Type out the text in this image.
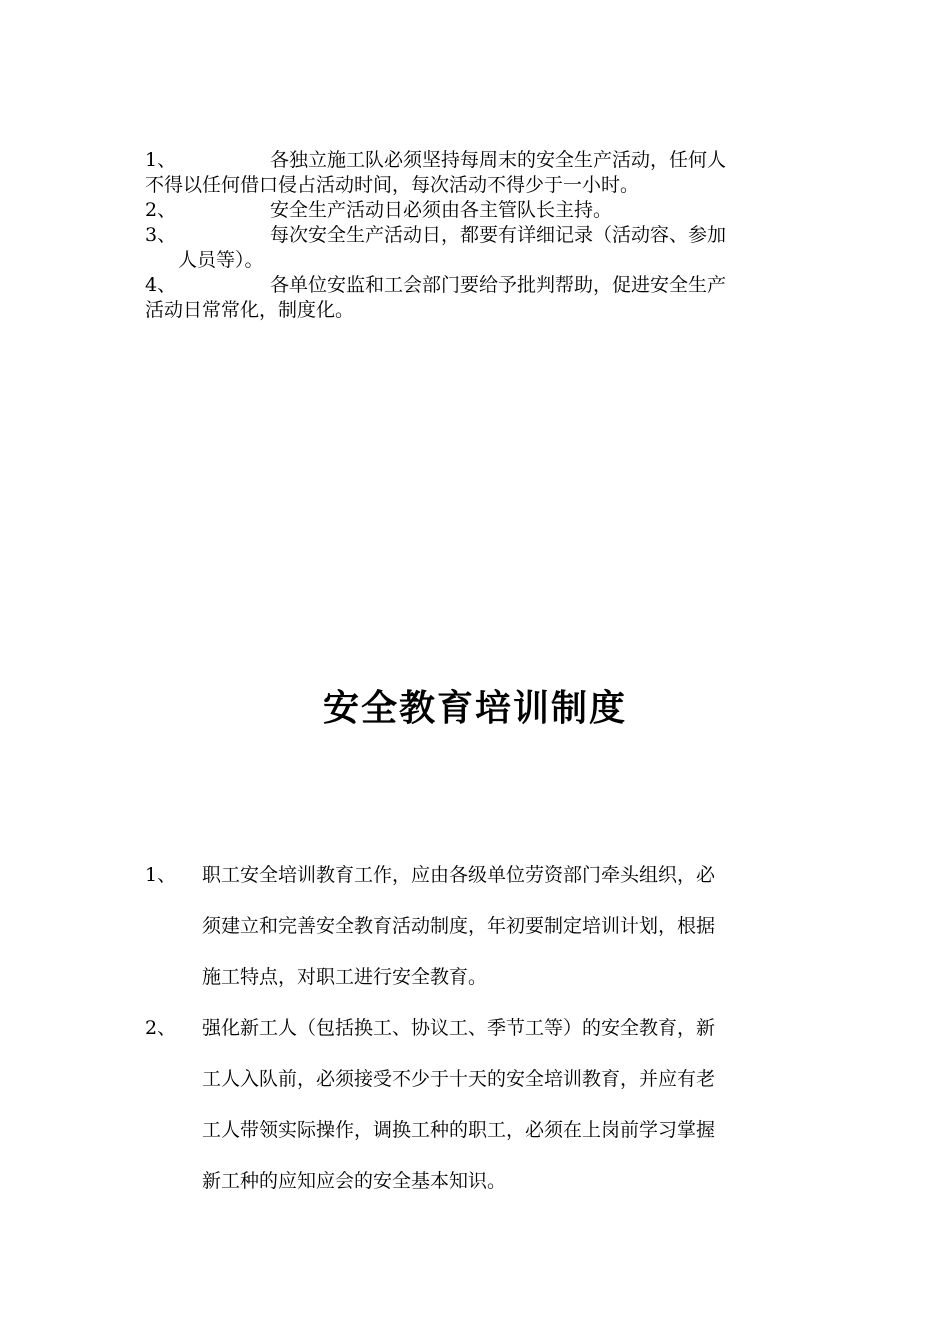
1、	各独立施工队必须坚持每周末的安全生产活动，任何人
不得以任何借口侵占活动时间，每次活动不得少于一小时。
2、	安全生产活动日必须由各主管队长主持。
3、	每次安全生产活动日，都要有详细记录（活动容、参加
人员等）。
4、	各单位安监和工会部门要给予批判帮助，促进安全生产
活动日常常化，制度化。
安全教育培训制度
1、 职工安全培训教育工作，应由各级单位劳资部门牵头组织，必
须建立和完善安全教育活动制度，年初要制定培训计划，根据
施工特点，对职工进行安全教育。
2、 强化新工人（包括换工、协议工、季节工等）的安全教育，新
工人入队前，必须接受不少于十天的安全培训教育，并应有老
工人带领实际操作，调换工种的职工，必须在上岗前学习掌握
新工种的应知应会的安全基本知识。
